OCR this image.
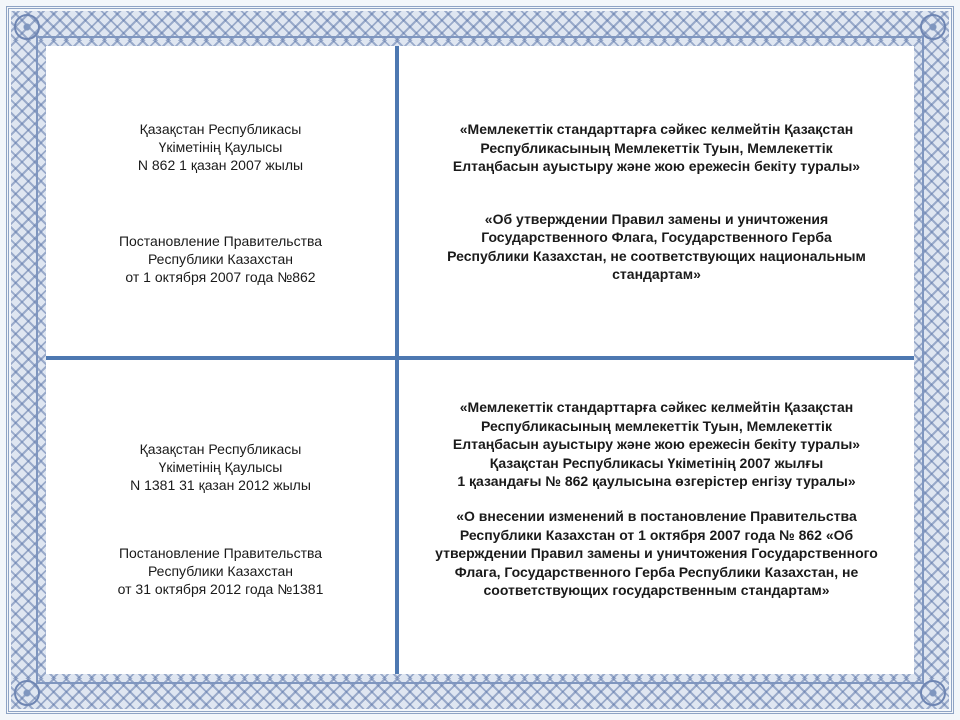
Қазақстан Республикасы
Үкіметінің Қаулысы
N 862 1 қазан 2007 жылы

Постановление Правительства
Республики Казахстан
от 1 октября 2007 года №862

«Мемлекеттік стандарттарға сәйкес келмейтін Қазақстан
Республикасының Мемлекеттік Туын, Мемлекеттік
Елтаңбасын ауыстыру және жою ережесін бекіту туралы»

«Об утверждении Правил замены и уничтожения
Государственного Флага, Государственного Герба
Республики Казахстан, не соответствующих национальным
стандартам»

Қазақстан Республикасы
Үкіметінің Қаулысы
N 1381 31 қазан 2012 жылы

Постановление Правительства
Республики Казахстан
от 31 октября 2012 года №1381

«Мемлекеттік стандарттарға сәйкес келмейтін Қазақстан
Республикасының мемлекеттік Туын, Мемлекеттік
Елтаңбасын ауыстыру және жою ережесін бекіту туралы»
Қазақстан Республикасы Үкіметінің 2007 жылғы
1 қазандағы № 862 қаулысына өзгерістер енгізу туралы»

«О внесении изменений в постановление Правительства
Республики Казахстан от 1 октября 2007 года № 862 «Об
утверждении Правил замены и уничтожения Государственного
Флага, Государственного Герба Республики Казахстан, не
соответствующих государственным стандартам»
